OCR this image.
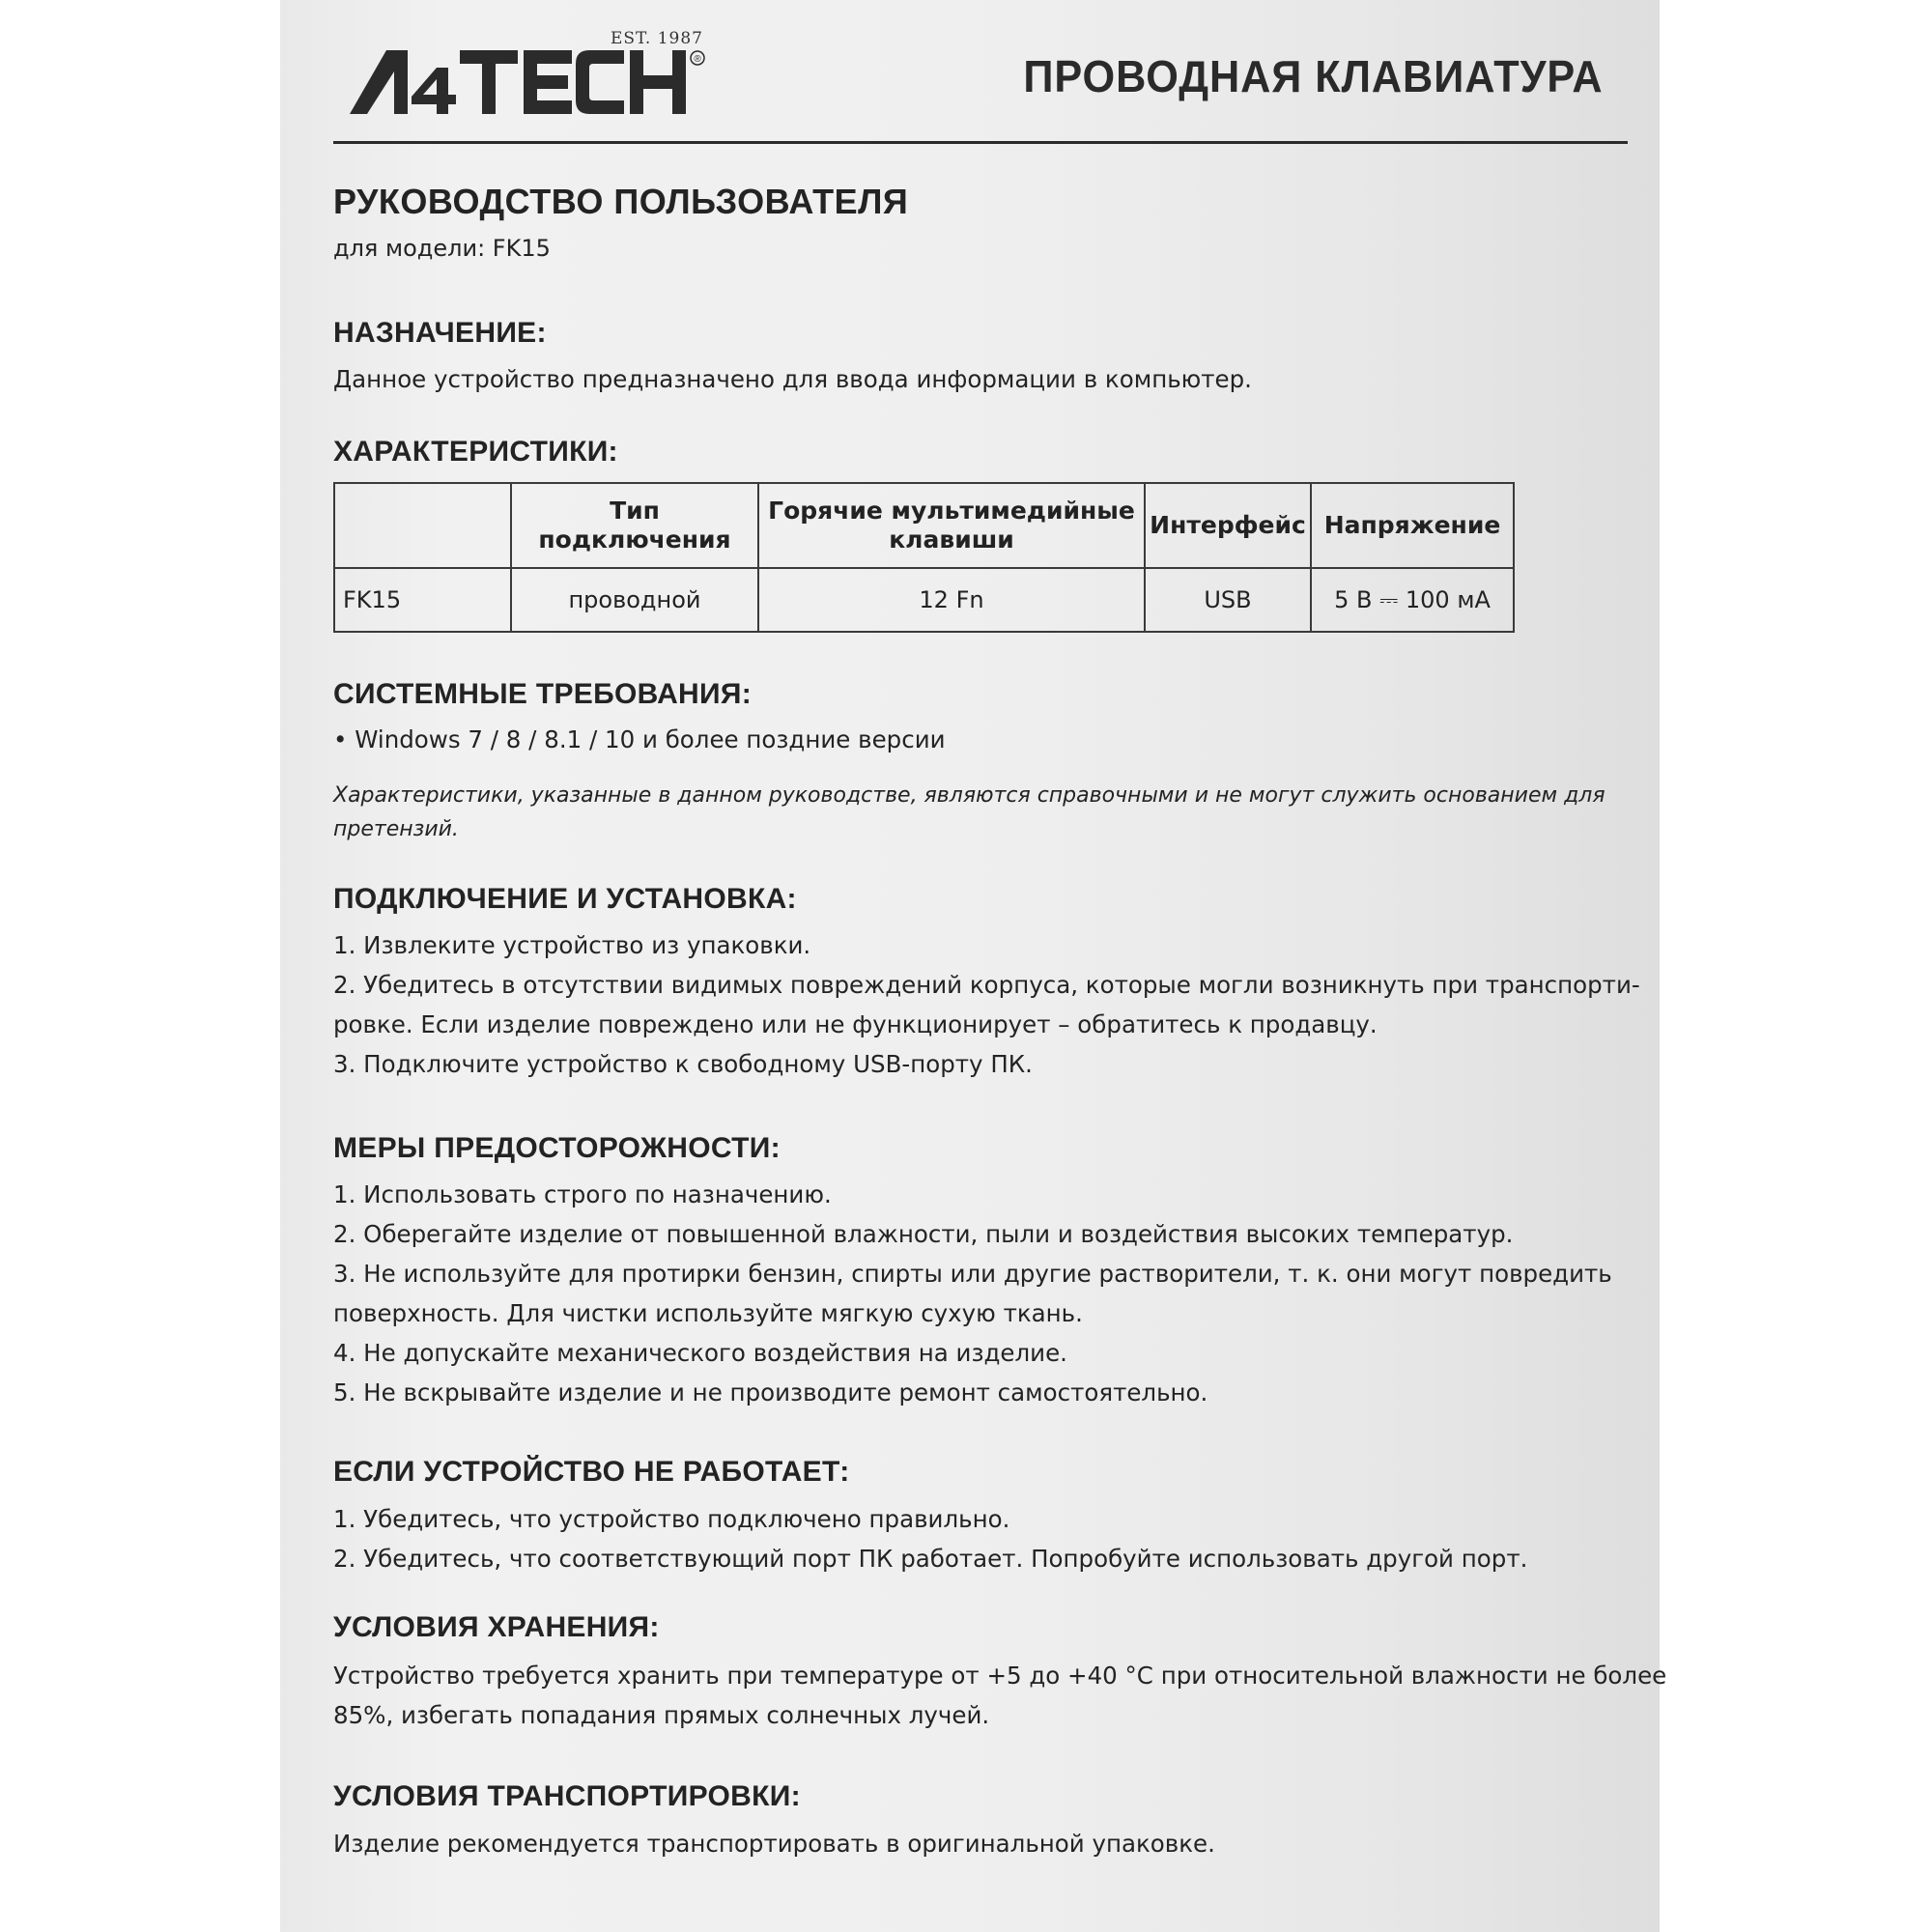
EST. 1987
®	ПРОВОДНАЯ КЛАВИАТУРА
РУКОВОДСТВО ПОЛЬЗОВАТЕЛЯ
для модели: FK15
НАЗНАЧЕНИЕ:
Данное устройство предназначено для ввода информации в компьютер.
ХАРАКТЕРИСТИКИ:
	Тип подключения	Горячие мультимедийные клавиши	Интерфейс	Напряжение
FK15	проводной	12 Fn	USB	5 В ⎓ 100 мА
СИСТЕМНЫЕ ТРЕБОВАНИЯ:
• Windows 7 / 8 / 8.1 / 10 и более поздние версии
Характеристики, указанные в данном руководстве, являются справочными и не могут служить основанием для
претензий.
ПОДКЛЮЧЕНИЕ И УСТАНОВКА:
1. Извлеките устройство из упаковки.
2. Убедитесь в отсутствии видимых повреждений корпуса, которые могли возникнуть при транспорти-
ровке. Если изделие повреждено или не функционирует – обратитесь к продавцу.
3. Подключите устройство к свободному USB-порту ПК.
МЕРЫ ПРЕДОСТОРОЖНОСТИ:
1. Использовать строго по назначению.
2. Оберегайте изделие от повышенной влажности, пыли и воздействия высоких температур.
3. Не используйте для протирки бензин, спирты или другие растворители, т. к. они могут повредить
поверхность. Для чистки используйте мягкую сухую ткань.
4. Не допускайте механического воздействия на изделие.
5. Не вскрывайте изделие и не производите ремонт самостоятельно.
ЕСЛИ УСТРОЙСТВО НЕ РАБОТАЕТ:
1. Убедитесь, что устройство подключено правильно.
2. Убедитесь, что соответствующий порт ПК работает. Попробуйте использовать другой порт.
УСЛОВИЯ ХРАНЕНИЯ:
Устройство требуется хранить при температуре от +5 до +40 °С при относительной влажности не более
85%, избегать попадания прямых солнечных лучей.
УСЛОВИЯ ТРАНСПОРТИРОВКИ:
Изделие рекомендуется транспортировать в оригинальной упаковке.
